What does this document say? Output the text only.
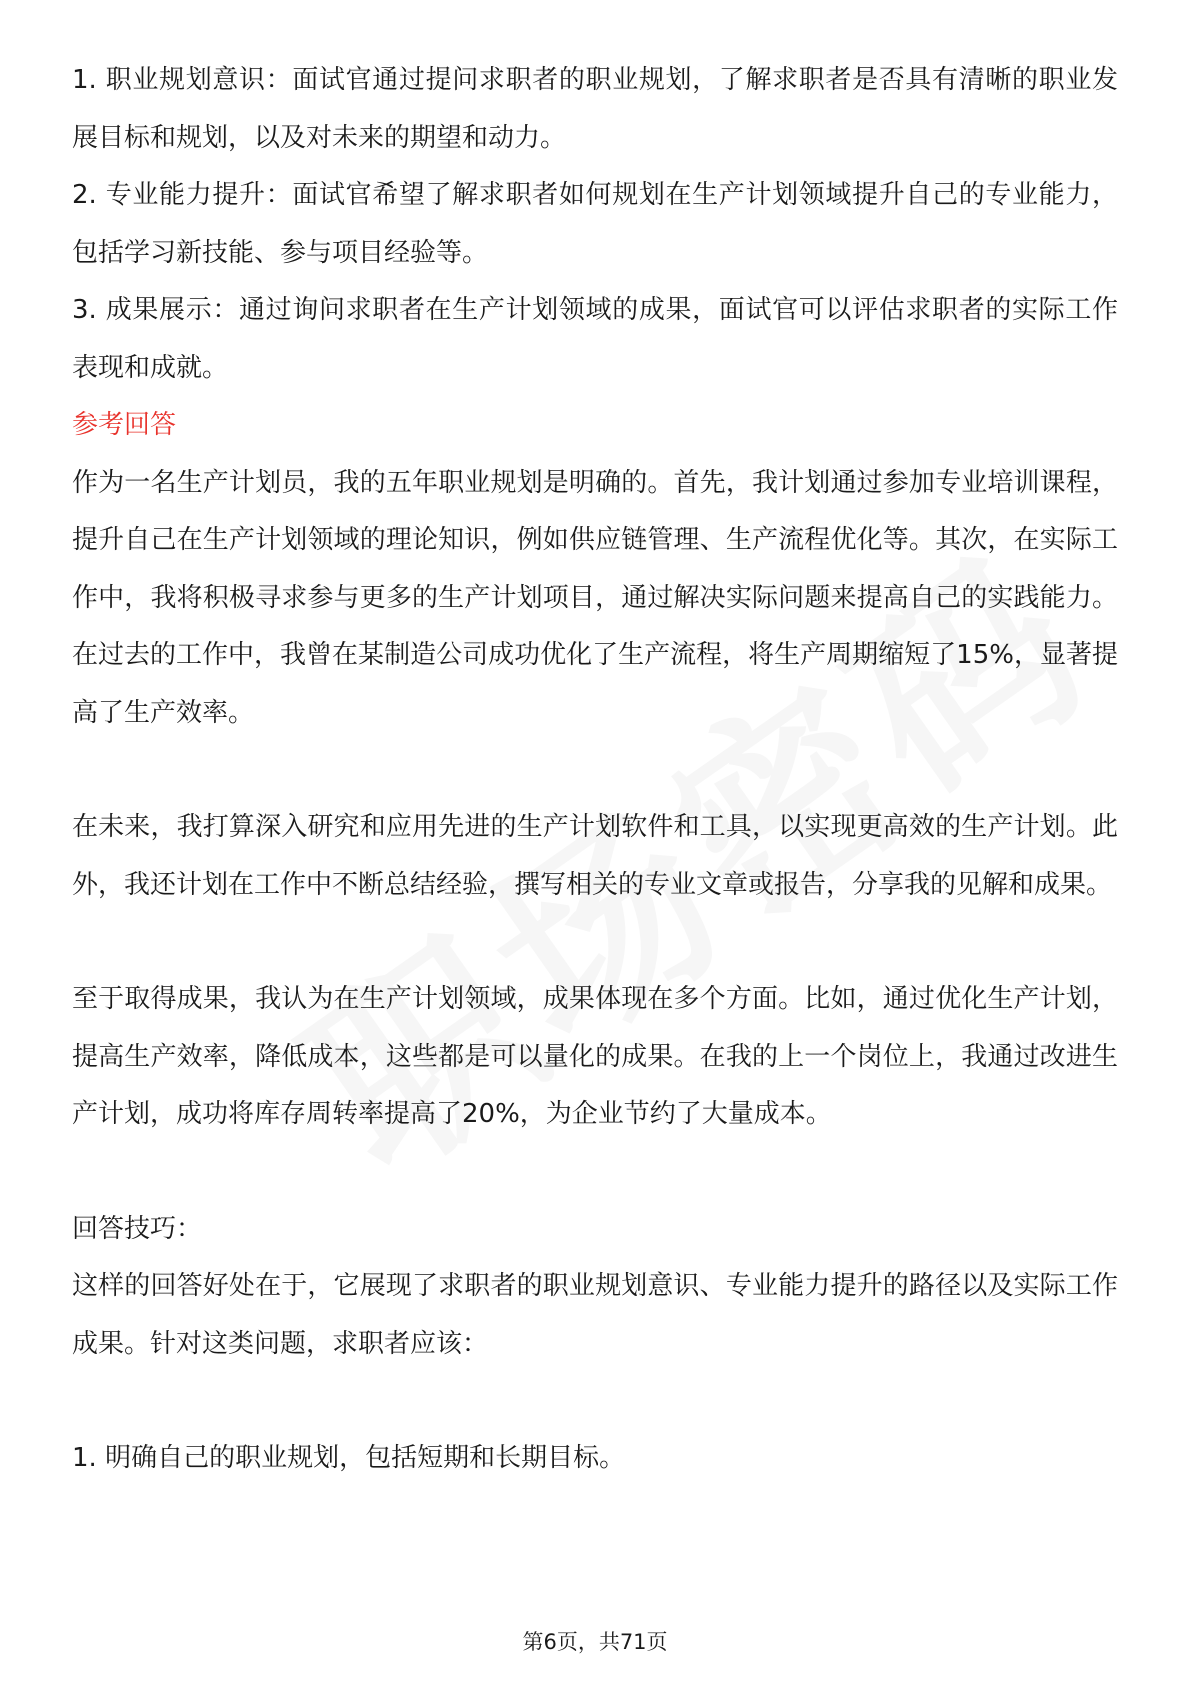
1. 职业规划意识：面试官通过提问求职者的职业规划，了解求职者是否具有清晰的职业发展目标和规划，以及对未来的期望和动力。

2. 专业能力提升：面试官希望了解求职者如何规划在生产计划领域提升自己的专业能力，包括学习新技能、参与项目经验等。

3. 成果展示：通过询问求职者在生产计划领域的成果，面试官可以评估求职者的实际工作表现和成就。

参考回答

作为一名生产计划员，我的五年职业规划是明确的。首先，我计划通过参加专业培训课程，提升自己在生产计划领域的理论知识，例如供应链管理、生产流程优化等。其次，在实际工作中，我将积极寻求参与更多的生产计划项目，通过解决实际问题来提高自己的实践能力。在过去的工作中，我曾在某制造公司成功优化了生产流程，将生产周期缩短了15%，显著提高了生产效率。

在未来，我打算深入研究和应用先进的生产计划软件和工具，以实现更高效的生产计划。此外，我还计划在工作中不断总结经验，撰写相关的专业文章或报告，分享我的见解和成果。

至于取得成果，我认为在生产计划领域，成果体现在多个方面。比如，通过优化生产计划，提高生产效率，降低成本，这些都是可以量化的成果。在我的上一个岗位上，我通过改进生产计划，成功将库存周转率提高了20%，为企业节约了大量成本。

回答技巧：

这样的回答好处在于，它展现了求职者的职业规划意识、专业能力提升的路径以及实际工作成果。针对这类问题，求职者应该：

1. 明确自己的职业规划，包括短期和长期目标。

第6页，共71页
